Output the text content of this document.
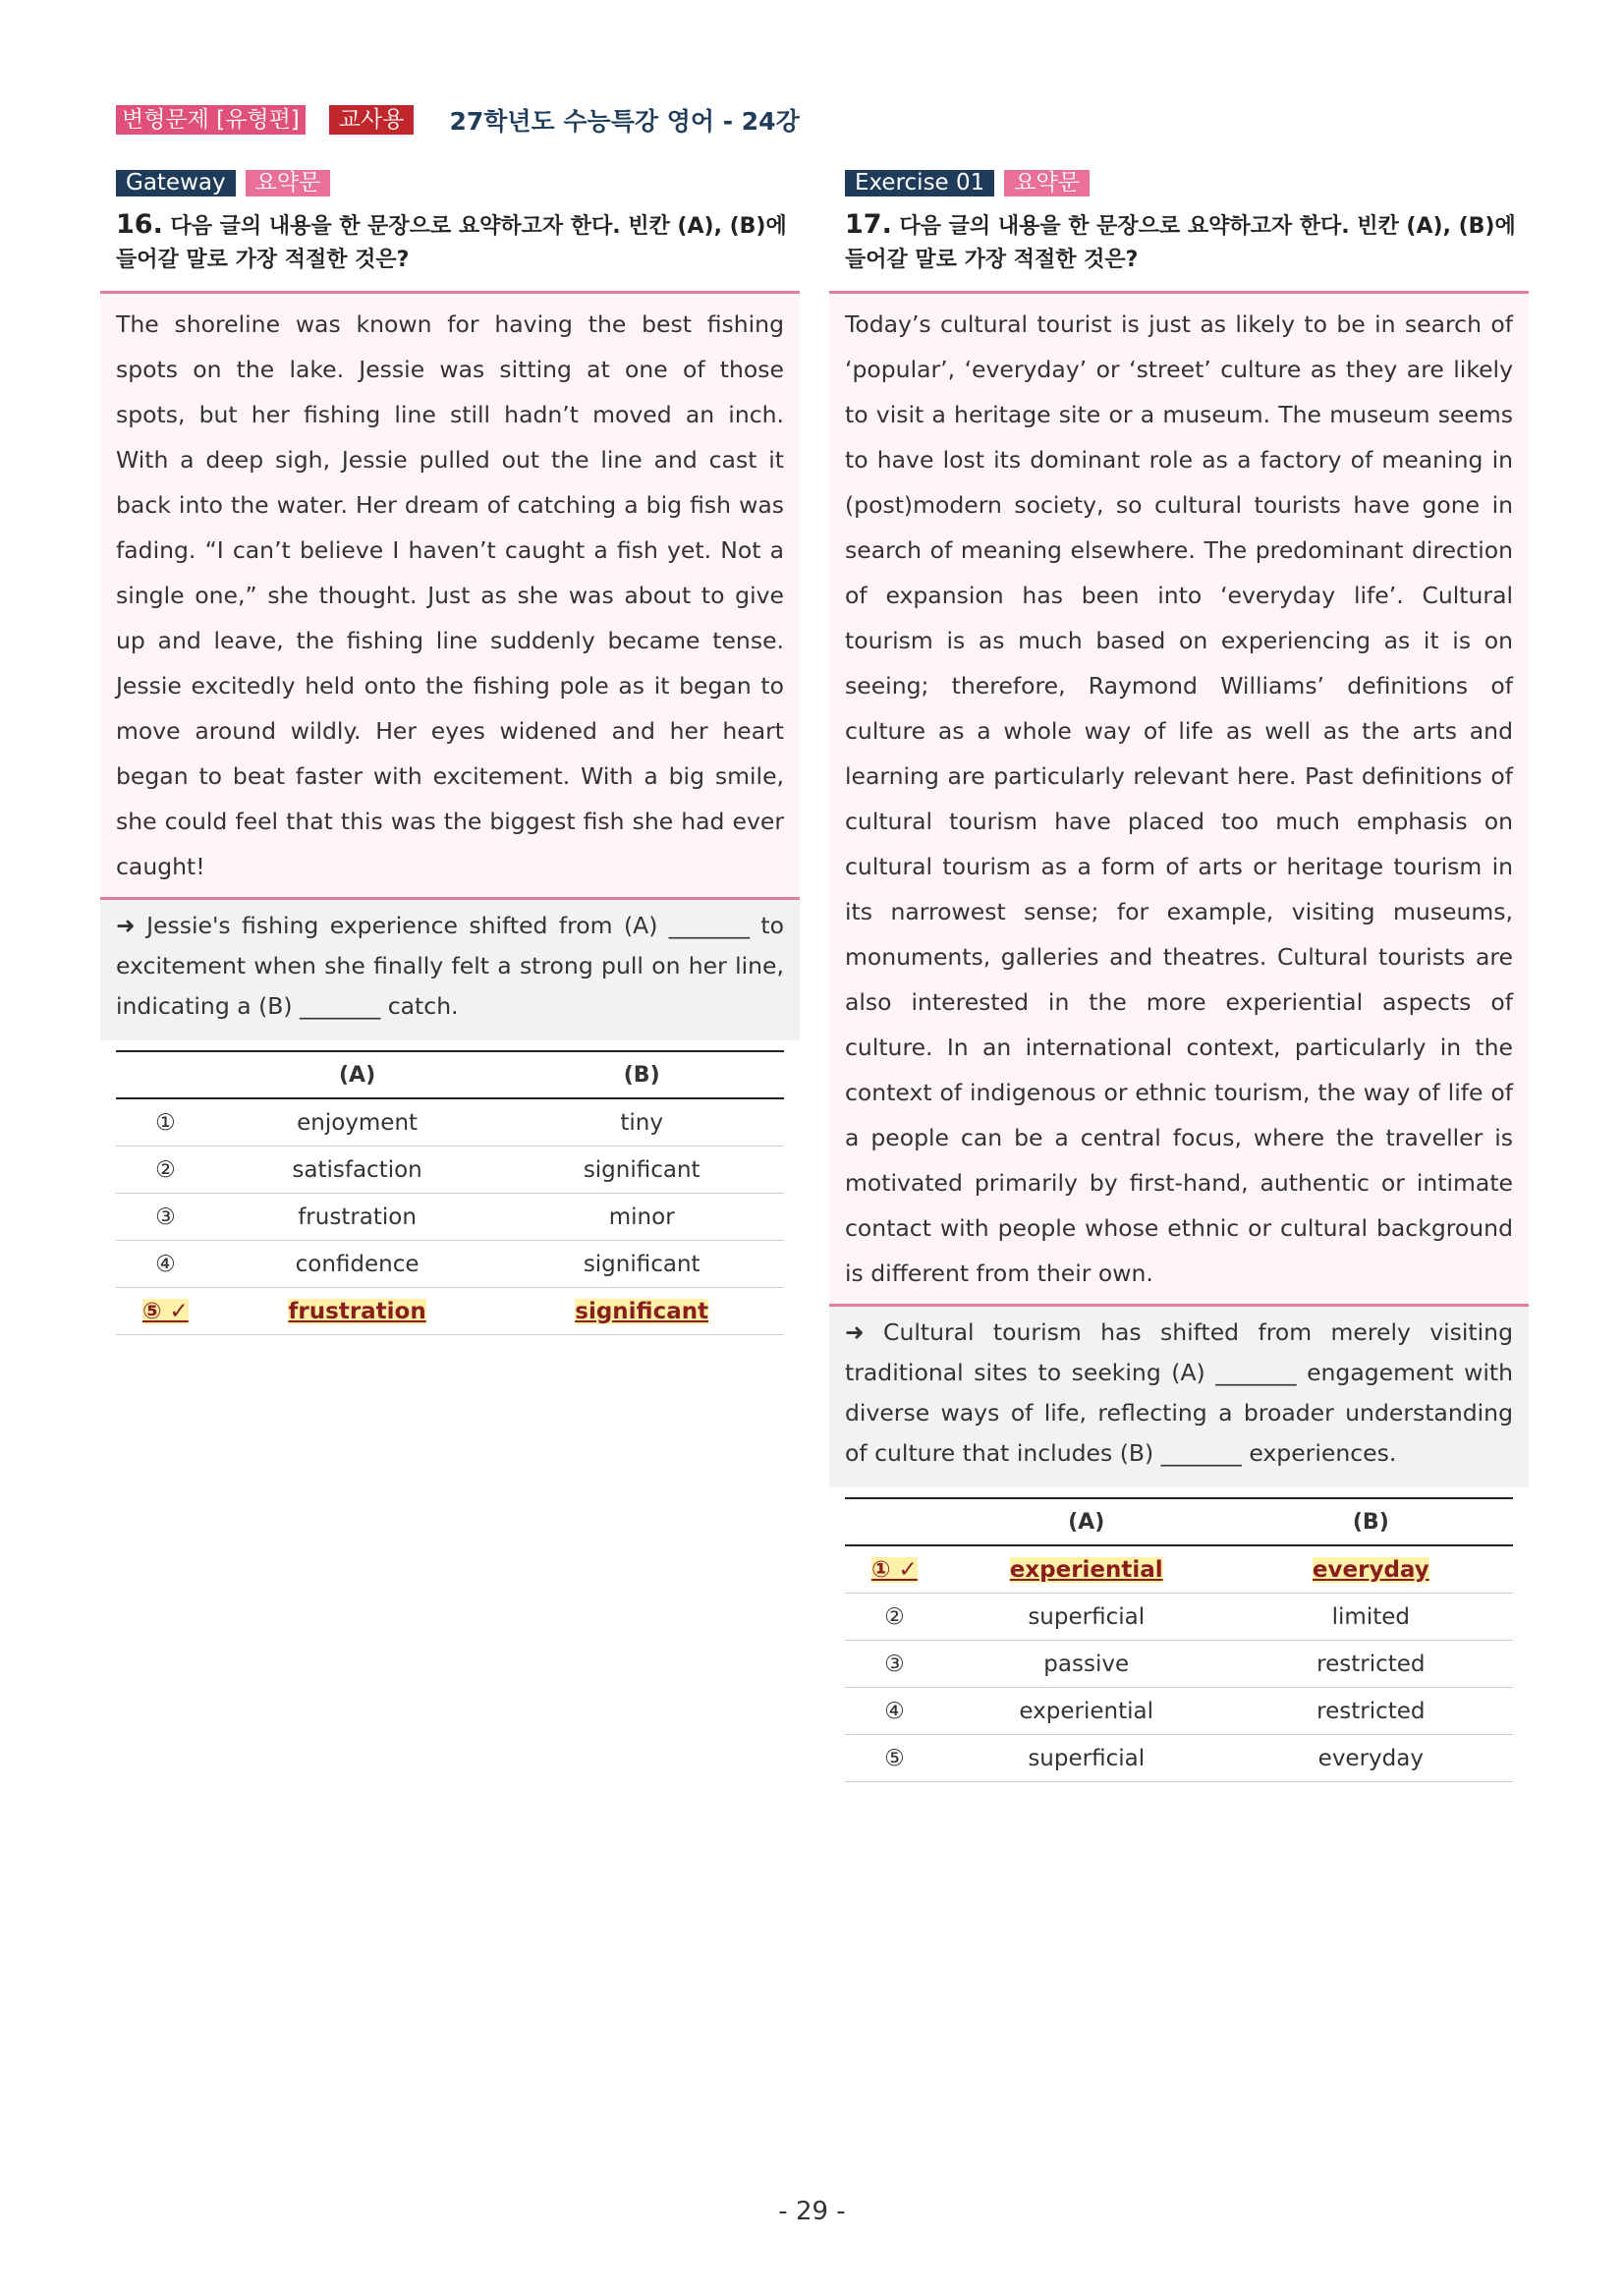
변형문제 [유형편]	교사용	27학년도 수능특강 영어 - 24강
Gateway	요약문
16. 다음 글의 내용을 한 문장으로 요약하고자 한다. 빈칸 (A), (B)에 들어갈 말로 가장 적절한 것은?

The shoreline was known for having the best fishing spots on the lake. Jessie was sitting at one of those spots, but her fishing line still hadn’t moved an inch. With a deep sigh, Jessie pulled out the line and cast it back into the water. Her dream of catching a big fish was fading. “I can’t believe I haven’t caught a fish yet. Not a single one,” she thought. Just as she was about to give up and leave, the fishing line suddenly became tense. Jessie excitedly held onto the fishing pole as it began to move around wildly. Her eyes widened and her heart began to beat faster with excitement. With a big smile, she could feel that this was the biggest fish she had ever caught!

➜ Jessie's fishing experience shifted from (A) _______ to excitement when she finally felt a strong pull on her line, indicating a (B) _______ catch.

	(A)	(B)
①	enjoyment	tiny
②	satisfaction	significant
③	frustration	minor
④	confidence	significant
⑤ ✓	frustration	significant
Exercise 01	요약문
17. 다음 글의 내용을 한 문장으로 요약하고자 한다. 빈칸 (A), (B)에 들어갈 말로 가장 적절한 것은?

Today’s cultural tourist is just as likely to be in search of ‘popular’, ‘everyday’ or ‘street’ culture as they are likely to visit a heritage site or a museum. The museum seems to have lost its dominant role as a factory of meaning in (post)modern society, so cultural tourists have gone in search of meaning elsewhere. The predominant direction of expansion has been into ‘everyday life’. Cultural tourism is as much based on experiencing as it is on seeing; therefore, Raymond Williams’ definitions of culture as a whole way of life as well as the arts and learning are particularly relevant here. Past definitions of cultural tourism have placed too much emphasis on cultural tourism as a form of arts or heritage tourism in its narrowest sense; for example, visiting museums, monuments, galleries and theatres. Cultural tourists are also interested in the more experiential aspects of culture. In an international context, particularly in the context of indigenous or ethnic tourism, the way of life of a people can be a central focus, where the traveller is motivated primarily by first-hand, authentic or intimate contact with people whose ethnic or cultural background is different from their own.

➜ Cultural tourism has shifted from merely visiting traditional sites to seeking (A) _______ engagement with diverse ways of life, reflecting a broader understanding of culture that includes (B) _______ experiences.

	(A)	(B)
① ✓	experiential	everyday
②	superficial	limited
③	passive	restricted
④	experiential	restricted
⑤	superficial	everyday
- 29 -
